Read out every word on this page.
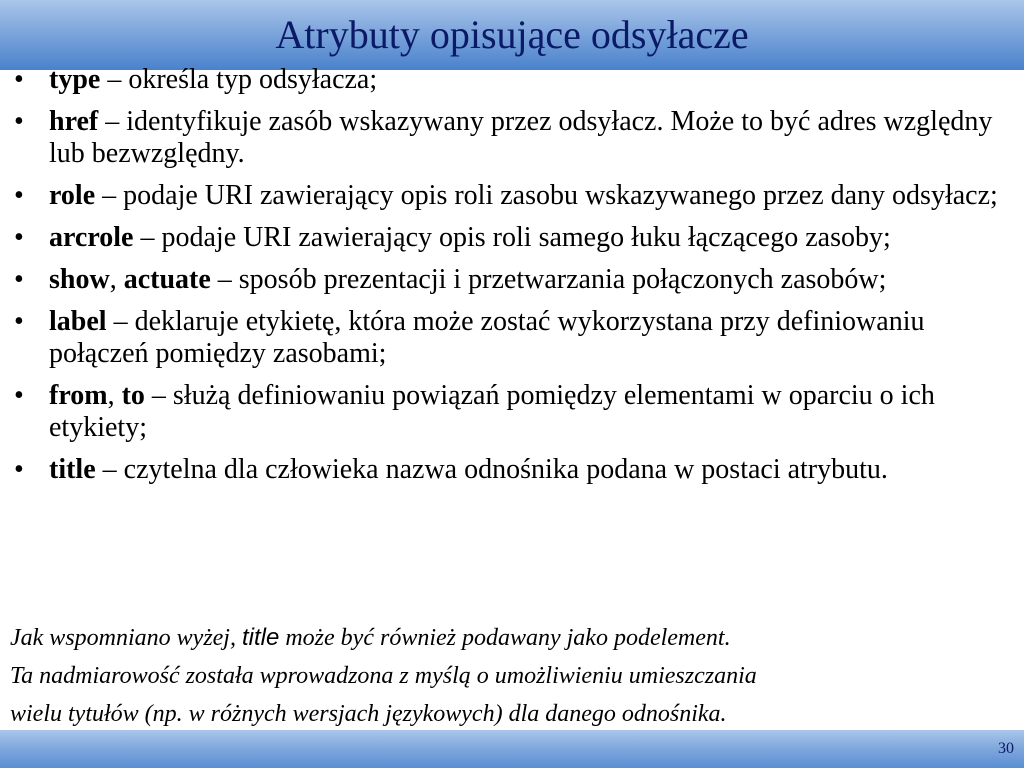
Atrybuty opisujące odsyłacze
• type – określa typ odsyłacza;
• href – identyfikuje zasób wskazywany przez odsyłacz. Może to być adres względny lub bezwzględny.
• role – podaje URI zawierający opis roli zasobu wskazywanego przez dany odsyłacz;
• arcrole – podaje URI zawierający opis roli samego łuku łączącego zasoby;
• show, actuate – sposób prezentacji i przetwarzania połączonych zasobów;
• label – deklaruje etykietę, która może zostać wykorzystana przy definiowaniu połączeń pomiędzy zasobami;
• from, to – służą definiowaniu powiązań pomiędzy elementami w oparciu o ich etykiety;
• title – czytelna dla człowieka nazwa odnośnika podana w postaci atrybutu.

Jak wspomniano wyżej, title może być również podawany jako podelement.

Ta nadmiarowość została wprowadzona z myślą o umożliwieniu umieszczania

wielu tytułów (np. w różnych wersjach językowych) dla danego odnośnika.

30
